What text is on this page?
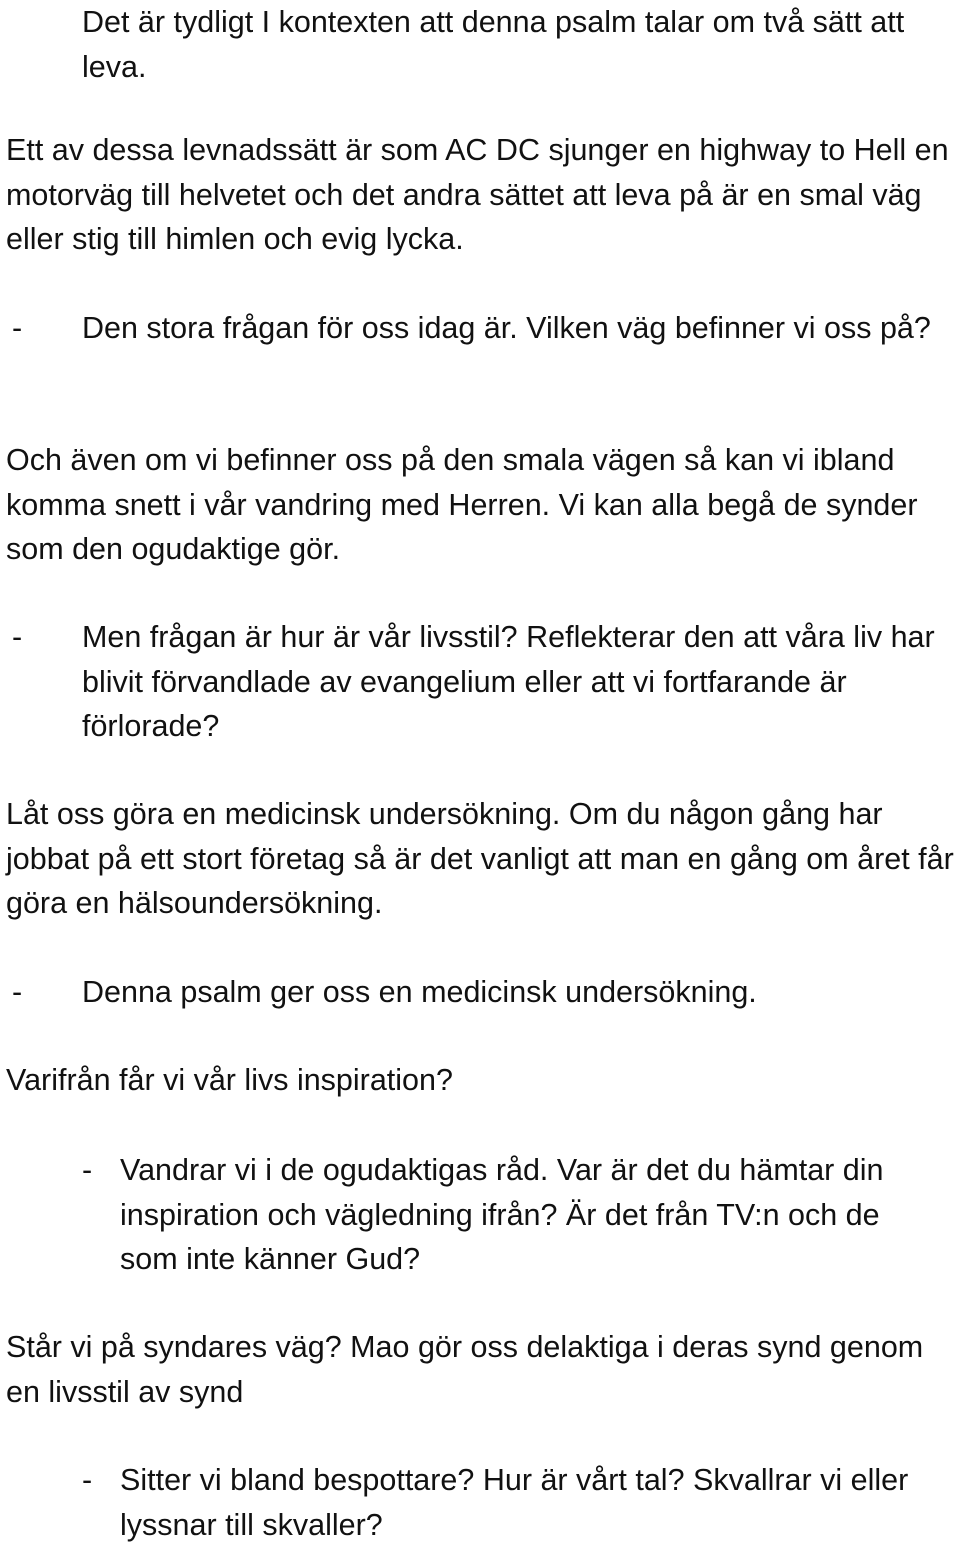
Det är tydligt I kontexten att denna psalm talar om två sätt att leva.
Ett av dessa levnadssätt är som AC DC sjunger en highway to Hell en motorväg till helvetet och det andra sättet att leva på är en smal väg eller stig till himlen och evig lycka.
-	Den stora frågan för oss idag är. Vilken väg befinner vi oss på?
Och även om vi befinner oss på den smala vägen så kan vi ibland komma snett i vår vandring med Herren. Vi kan alla begå de synder som den ogudaktige gör.
-	Men frågan är hur är vår livsstil? Reflekterar den att våra liv har blivit förvandlade av evangelium eller att vi fortfarande är förlorade?
Låt oss göra en medicinsk undersökning. Om du någon gång har jobbat på ett stort företag så är det vanligt att man en gång om året får göra en hälsoundersökning.
-	Denna psalm ger oss en medicinsk undersökning.
Varifrån får vi vår livs inspiration?
- Vandrar vi i de ogudaktigas råd. Var är det du hämtar din inspiration och vägledning ifrån? Är det från TV:n och de som inte känner Gud?
Står vi på syndares väg? Mao gör oss delaktiga i deras synd genom en livsstil av synd
- Sitter vi bland bespottare? Hur är vårt tal? Skvallrar vi eller lyssnar till skvaller?
